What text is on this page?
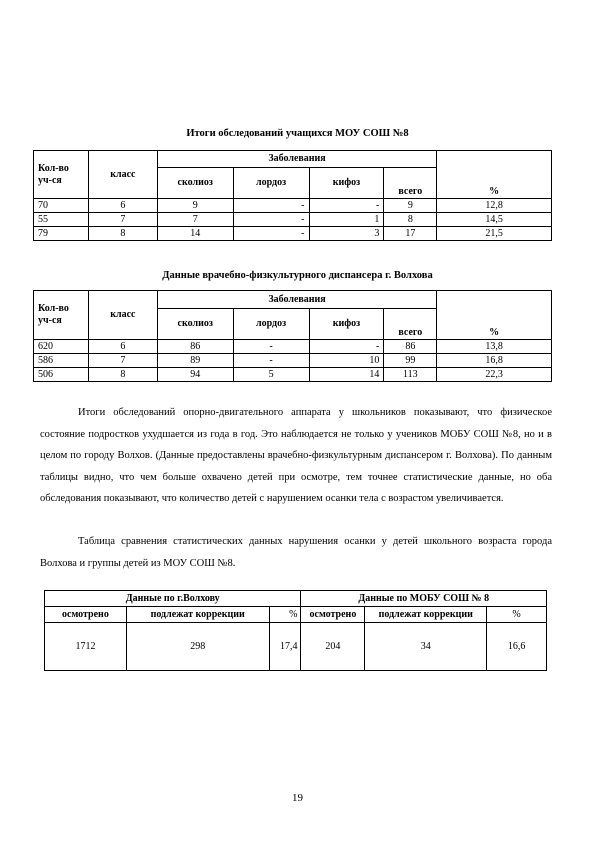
Итоги обследований учащихся МОУ СОШ №8
Кол-во уч-ся	класс	Заболевания				%
		сколиоз	лордоз	кифоз	всего	
70	6	9	-	-	9	12,8
55	7	7	-	1	8	14,5
79	8	14	-	3	17	21,5
Данные врачебно-физкультурного диспансера г. Волхова
Кол-во уч-ся	класс	Заболевания				%
		сколиоз	лордоз	кифоз	всего	
620	6	86	-	-	86	13,8
586	7	89	-	10	99	16,8
506	8	94	5	14	113	22,3

Итоги обследований опорно-двигательного аппарата у школьников показывают, что физическое состояние подростков ухудшается из года в год. Это наблюдается не только у учеников МОБУ СОШ №8, но и в целом по городу Волхов. (Данные предоставлены врачебно-физкультурным диспансером г. Волхова). По данным таблицы видно, что чем больше охвачено детей при осмотре, тем точнее статистические данные, но оба обследования показывают, что количество детей с нарушением осанки тела с возрастом увеличивается.

Таблица сравнения статистических данных нарушения осанки у детей школьного возраста города Волхова и группы детей из МОУ СОШ №8.

Данные по г.Волхову			Данные по МОБУ СОШ № 8		
осмотрено	подлежат коррекции	%	осмотрено	подлежат коррекции	%
1712	298	17,4	204	34	16,6
19
